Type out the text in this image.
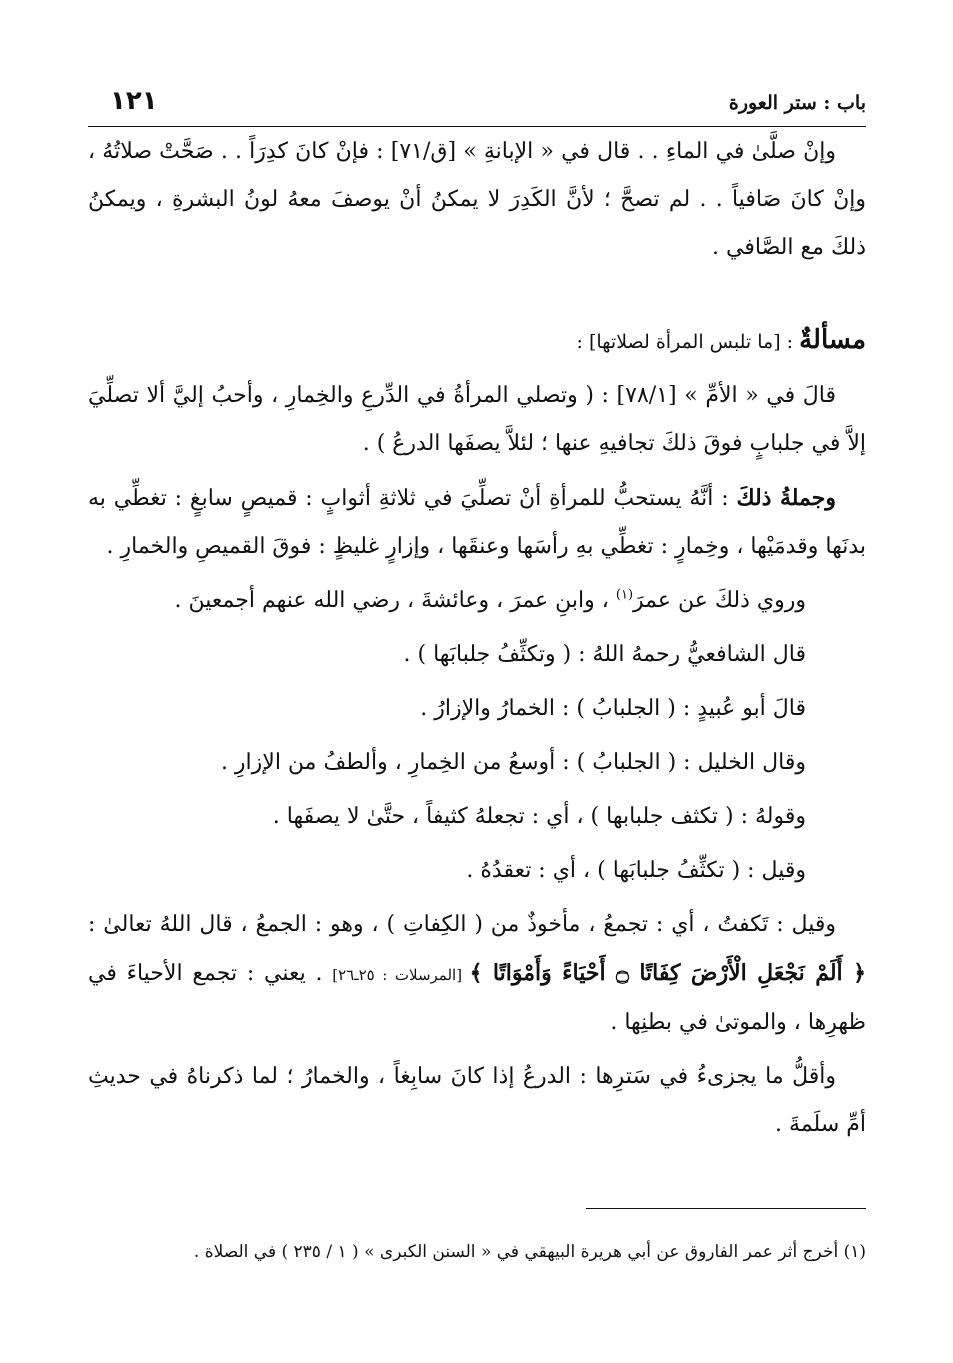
باب : ستر العورة
١٢١

وإنْ صلَّىٰ في الماءِ . . قال في « الإبانةِ » [ق/٧١] : فإنْ كانَ كدِرَاً . . صَحَّتْ صلاتُهُ ، وإنْ كانَ صَافياً . . لم تصحَّ ؛ لأنَّ الكَدِرَ لا يمكنُ أنْ يوصفَ معهُ لونُ البشرةِ ، ويمكنُ ذلكَ مع الصَّافي .

مسألةٌ : [ما تلبس المرأة لصلاتها] :

قالَ في « الأمِّ » [٧٨/١] : ( وتصلي المرأةُ في الدِّرعِ والخِمارِ ، وأحبُ إليَّ ألا تصلِّيَ إلاَّ في جلبابٍ فوقَ ذلكَ تجافيهِ عنها ؛ لئلاَّ يصفَها الدرعُ ) .

وجملةُ ذلكَ : أنَّهُ يستحبُّ للمرأةِ أنْ تصلِّيَ في ثلاثةِ أثوابٍ : قميصٍ سابغٍ : تغطِّي به بدنَها وقدمَيْها ، وخِمارٍ : تغطِّي بهِ رأسَها وعنقَها ، وإزارٍ غليظٍ : فوقَ القميصِ والخمارِ .

وروي ذلكَ عن عمرَ$^{(١)}$ ، وابنِ عمرَ ، وعائشةَ ، رضي الله عنهم أجمعينَ .

قال الشافعيُّ رحمهُ اللهُ : ( وتكثِّفُ جلبابَها ) .

قالَ أبو عُبيدٍ : ( الجلبابُ ) : الخمارُ والإزارُ .

وقال الخليل : ( الجلبابُ ) : أوسعُ من الخِمارِ ، وألطفُ من الإزارِ .

وقولهُ : ( تكثف جلبابها ) ، أي : تجعلهُ كثيفاً ، حتَّىٰ لا يصفَها .

وقيل : ( تكثِّفُ جلبابَها ) ، أي : تعقدُهُ .

وقيل : تَكفتُ ، أي : تجمعُ ، مأخوذٌ من ( الكِفاتِ ) ، وهو : الجمعُ ، قال اللهُ تعالىٰ : ﴿ أَلَمْ نَجْعَلِ الْأَرْضَ كِفَاتًا ۝ أَحْيَاءً وَأَمْوَاتًا ﴾ [المرسلات : ٢٥ـ٢٦] . يعني : تجمع الأحياءَ في ظهرِها ، والموتىٰ في بطنِها .

وأقلُّ ما يجزىءُ في سَترِها : الدرعُ إذا كانَ سابِغاً ، والخمارُ ؛ لما ذكرناهُ في حديثِ أمِّ سلَمةَ .

(١) أخرج أثر عمر الفاروق عن أبي هريرة البيهقي في « السنن الكبرى » ( ١ / ٢٣٥ ) في الصلاة .
